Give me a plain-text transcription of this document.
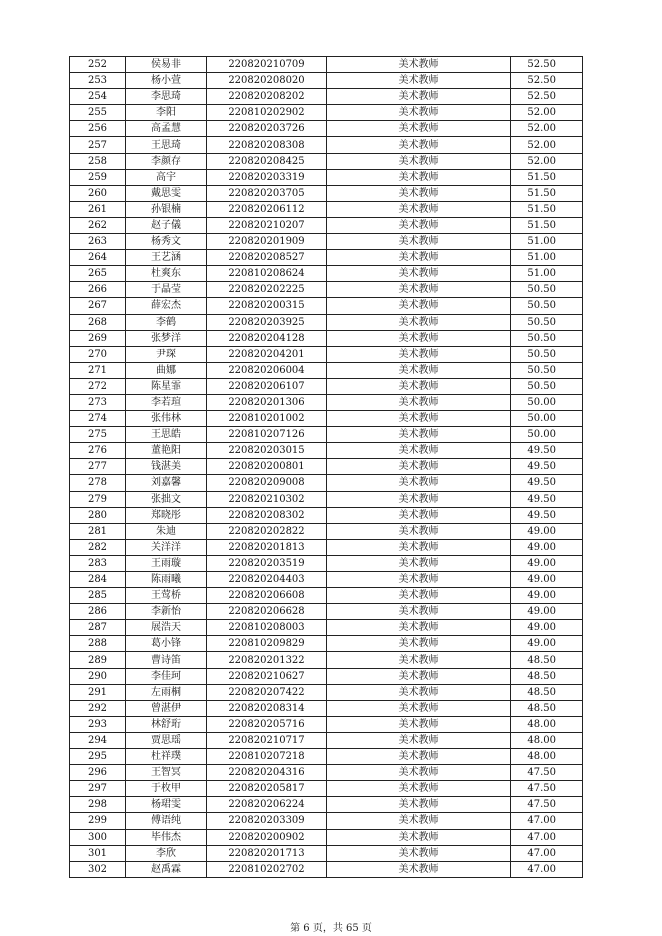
252	侯易非	220820210709	美术教师	52.50
253	杨小萱	220820208020	美术教师	52.50
254	李思琦	220820208202	美术教师	52.50
255	李阳	220810202902	美术教师	52.00
256	高孟慧	220820203726	美术教师	52.00
257	王思琦	220820208308	美术教师	52.00
258	李颜存	220820208425	美术教师	52.00
259	高宇	220820203319	美术教师	51.50
260	戴思雯	220820203705	美术教师	51.50
261	孙银楠	220820206112	美术教师	51.50
262	赵子儀	220820210207	美术教师	51.50
263	杨秀文	220820201909	美术教师	51.00
264	王艺涵	220820208527	美术教师	51.00
265	杜爽东	220810208624	美术教师	51.00
266	于晶莹	220820202225	美术教师	50.50
267	薛宏杰	220820200315	美术教师	50.50
268	李鹤	220820203925	美术教师	50.50
269	张梦洋	220820204128	美术教师	50.50
270	尹琛	220820204201	美术教师	50.50
271	曲娜	220820206004	美术教师	50.50
272	陈星霏	220820206107	美术教师	50.50
273	李若瑄	220820201306	美术教师	50.00
274	张伟林	220810201002	美术教师	50.00
275	王思皓	220810207126	美术教师	50.00
276	董艳阳	220820203015	美术教师	49.50
277	钱湛美	220820200801	美术教师	49.50
278	刘嘉馨	220820209008	美术教师	49.50
279	张拙文	220820210302	美术教师	49.50
280	郑晓彤	220820208302	美术教师	49.50
281	朱迪	220820202822	美术教师	49.00
282	关洋洋	220820201813	美术教师	49.00
283	王雨璇	220820203519	美术教师	49.00
284	陈雨曦	220820204403	美术教师	49.00
285	王莺桥	220820206608	美术教师	49.00
286	李新怡	220820206628	美术教师	49.00
287	展浩天	220810208003	美术教师	49.00
288	葛小锋	220810209829	美术教师	49.00
289	曹诗笛	220820201322	美术教师	48.50
290	李佳珂	220820210627	美术教师	48.50
291	左雨桐	220820207422	美术教师	48.50
292	曾湛伊	220820208314	美术教师	48.50
293	林舒珩	220820205716	美术教师	48.00
294	贾思瑶	220820210717	美术教师	48.00
295	杜祥璞	220810207218	美术教师	48.00
296	王智冥	220820204316	美术教师	47.50
297	于枚甲	220820205817	美术教师	47.50
298	杨珺雯	220820206224	美术教师	47.50
299	傅语纯	220820203309	美术教师	47.00
300	毕伟杰	220820200902	美术教师	47.00
301	李欣	220820201713	美术教师	47.00
302	赵禹霖	220810202702	美术教师	47.00
第 6 页，共 65 页
